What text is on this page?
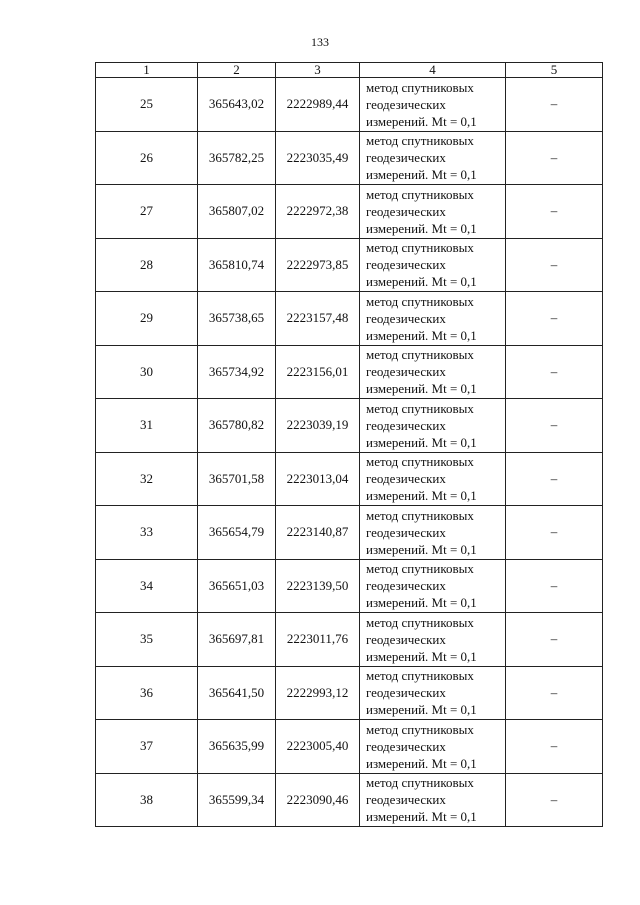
133
1	2	3	4	5
25	365643,02	2222989,44	метод спутниковых
геодезических
измерений. Mt = 0,1	–
26	365782,25	2223035,49	метод спутниковых
геодезических
измерений. Mt = 0,1	–
27	365807,02	2222972,38	метод спутниковых
геодезических
измерений. Mt = 0,1	–
28	365810,74	2222973,85	метод спутниковых
геодезических
измерений. Mt = 0,1	–
29	365738,65	2223157,48	метод спутниковых
геодезических
измерений. Mt = 0,1	–
30	365734,92	2223156,01	метод спутниковых
геодезических
измерений. Mt = 0,1	–
31	365780,82	2223039,19	метод спутниковых
геодезических
измерений. Mt = 0,1	–
32	365701,58	2223013,04	метод спутниковых
геодезических
измерений. Mt = 0,1	–
33	365654,79	2223140,87	метод спутниковых
геодезических
измерений. Mt = 0,1	–
34	365651,03	2223139,50	метод спутниковых
геодезических
измерений. Mt = 0,1	–
35	365697,81	2223011,76	метод спутниковых
геодезических
измерений. Mt = 0,1	–
36	365641,50	2222993,12	метод спутниковых
геодезических
измерений. Mt = 0,1	–
37	365635,99	2223005,40	метод спутниковых
геодезических
измерений. Mt = 0,1	–
38	365599,34	2223090,46	метод спутниковых
геодезических
измерений. Mt = 0,1	–
